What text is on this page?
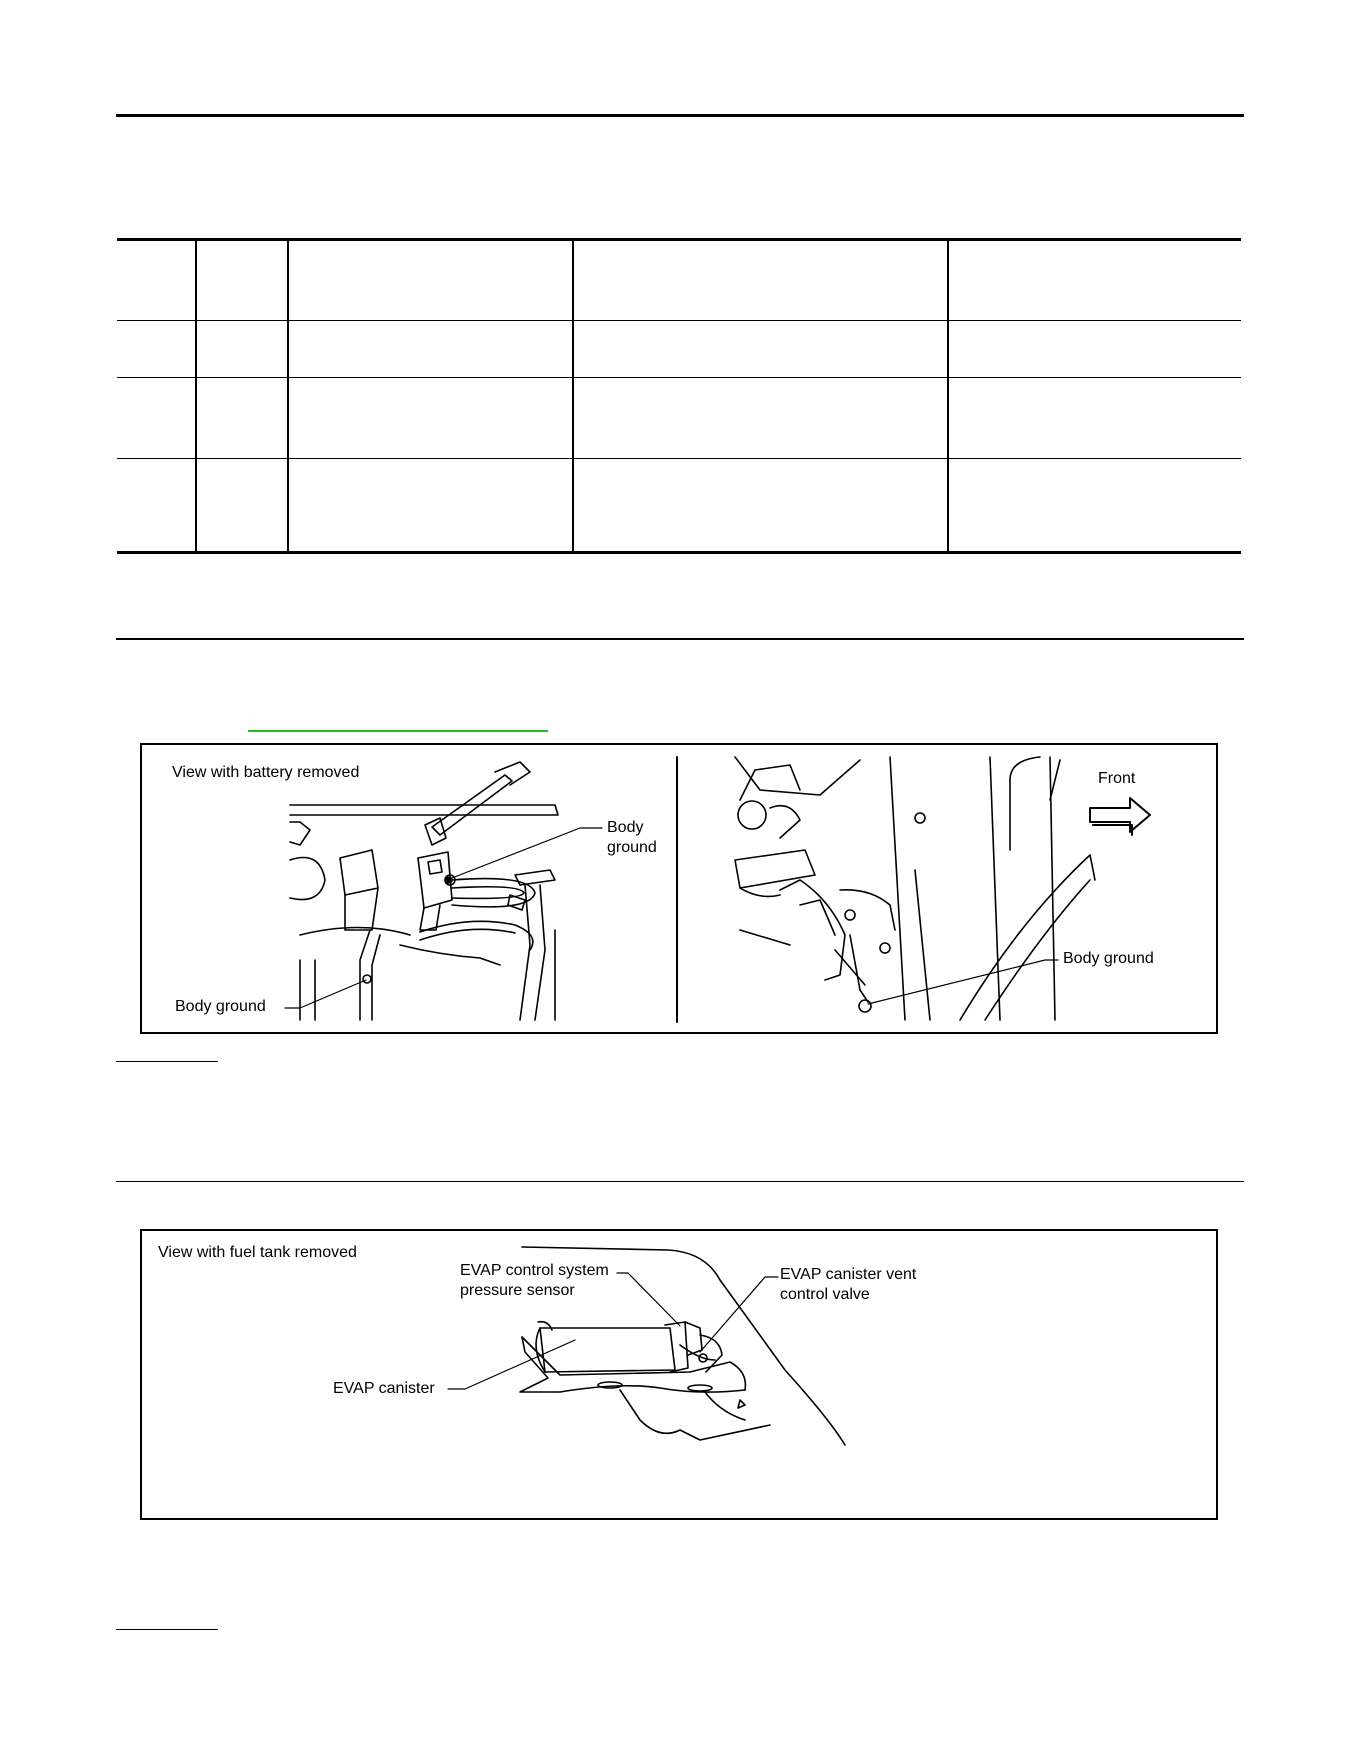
View with battery removed
Body
ground
Body ground
Front
Body ground
View with fuel tank removed
EVAP control system
pressure sensor
EVAP canister vent
control valve
EVAP canister
